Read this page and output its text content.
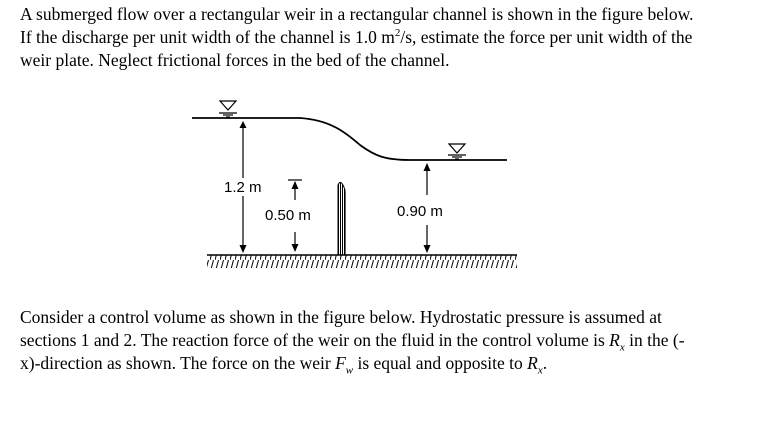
A submerged flow over a rectangular weir in a rectangular channel is shown in the figure below.
If the discharge per unit width of the channel is 1.0 $m^2/s$, estimate the force per unit width of the
weir plate. Neglect frictional forces in the bed of the channel.
1.2 m
0.50 m	0.90 m
Consider a control volume as shown in the figure below. Hydrostatic pressure is assumed at
sections 1 and 2. The reaction force of the weir on the fluid in the control volume is $R_x$ in the (-
x)-direction as shown. The force on the weir $F_w$ is equal and opposite to $R_x$.
